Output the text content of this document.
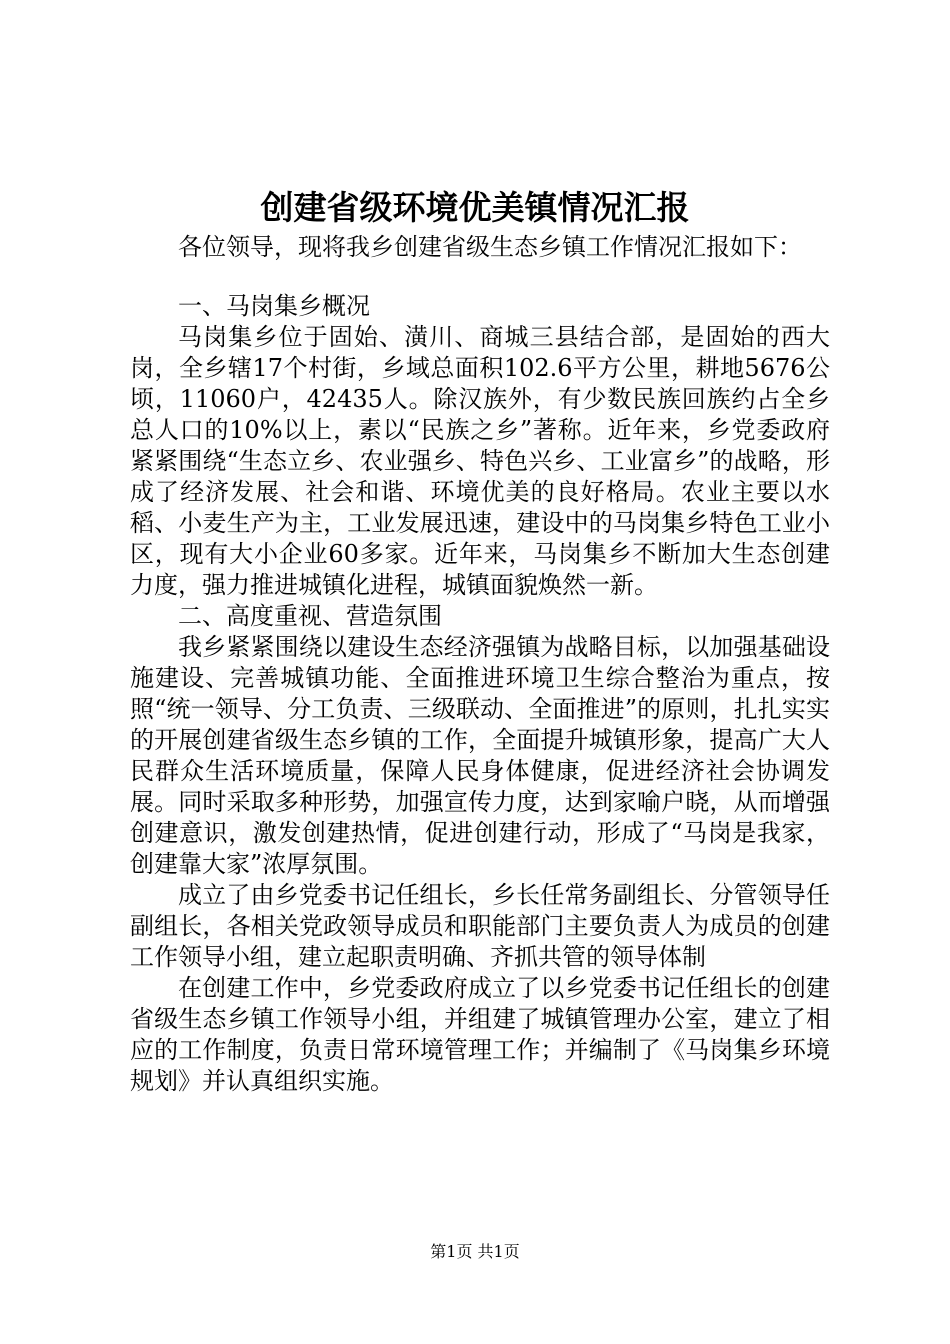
创建省级环境优美镇情况汇报

各位领导，现将我乡创建省级生态乡镇工作情况汇报如下：

一、马岗集乡概况

马岗集乡位于固始、潢川、商城三县结合部，是固始的西大岗，全乡辖17个村街，乡域总面积102.6平方公里，耕地5676公顷，11060户，42435人。除汉族外，有少数民族回族约占全乡总人口的10%以上，素以“民族之乡”著称。近年来，乡党委政府紧紧围绕“生态立乡、农业强乡、特色兴乡、工业富乡”的战略，形成了经济发展、社会和谐、环境优美的良好格局。农业主要以水稻、小麦生产为主，工业发展迅速，建设中的马岗集乡特色工业小区，现有大小企业60多家。近年来，马岗集乡不断加大生态创建力度，强力推进城镇化进程，城镇面貌焕然一新。

二、高度重视、营造氛围

我乡紧紧围绕以建设生态经济强镇为战略目标，以加强基础设施建设、完善城镇功能、全面推进环境卫生综合整治为重点，按照“统一领导、分工负责、三级联动、全面推进”的原则，扎扎实实的开展创建省级生态乡镇的工作，全面提升城镇形象，提高广大人民群众生活环境质量，保障人民身体健康，促进经济社会协调发展。同时采取多种形势，加强宣传力度，达到家喻户晓，从而增强创建意识，激发创建热情，促进创建行动，形成了“马岗是我家，创建靠大家”浓厚氛围。

成立了由乡党委书记任组长，乡长任常务副组长、分管领导任副组长，各相关党政领导成员和职能部门主要负责人为成员的创建工作领导小组，建立起职责明确、齐抓共管的领导体制

在创建工作中，乡党委政府成立了以乡党委书记任组长的创建省级生态乡镇工作领导小组，并组建了城镇管理办公室，建立了相应的工作制度，负责日常环境管理工作；并编制了《马岗集乡环境规划》并认真组织实施。

第1页 共1页
